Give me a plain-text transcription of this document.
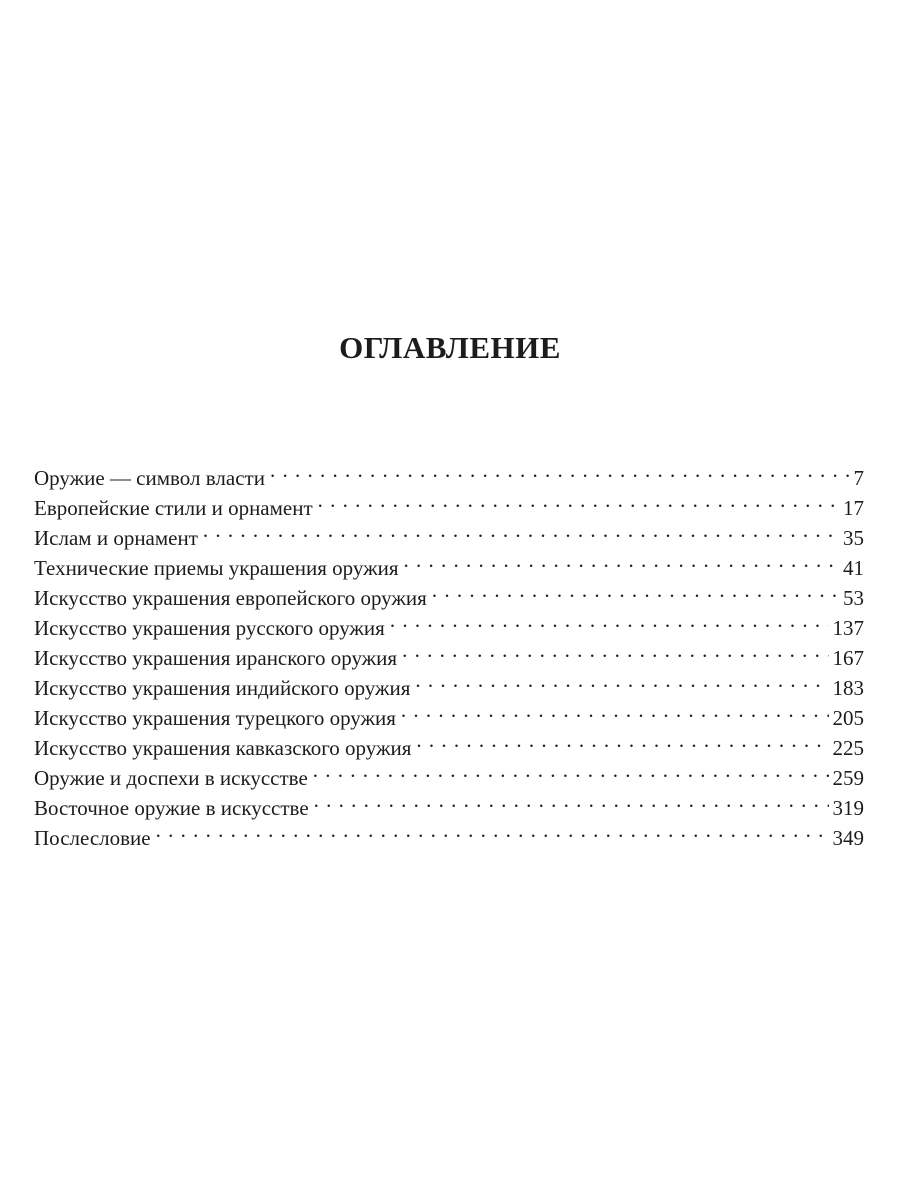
ОГЛАВЛЕНИЕ
Оружие — символ власти . . .	7
Европейские стили и орнамент . . .	17
Ислам и орнамент . . .	35
Технические приемы украшения оружия . . .	41
Искусство украшения европейского оружия . . .	53
Искусство украшения русского оружия . . .	137
Искусство украшения иранского оружия . . .	167
Искусство украшения индийского оружия . . .	183
Искусство украшения турецкого оружия . . .	205
Искусство украшения кавказского оружия . . .	225
Оружие и доспехи в искусстве . . .	259
Восточное оружие в искусстве . . .	319
Послесловие . . .	349
